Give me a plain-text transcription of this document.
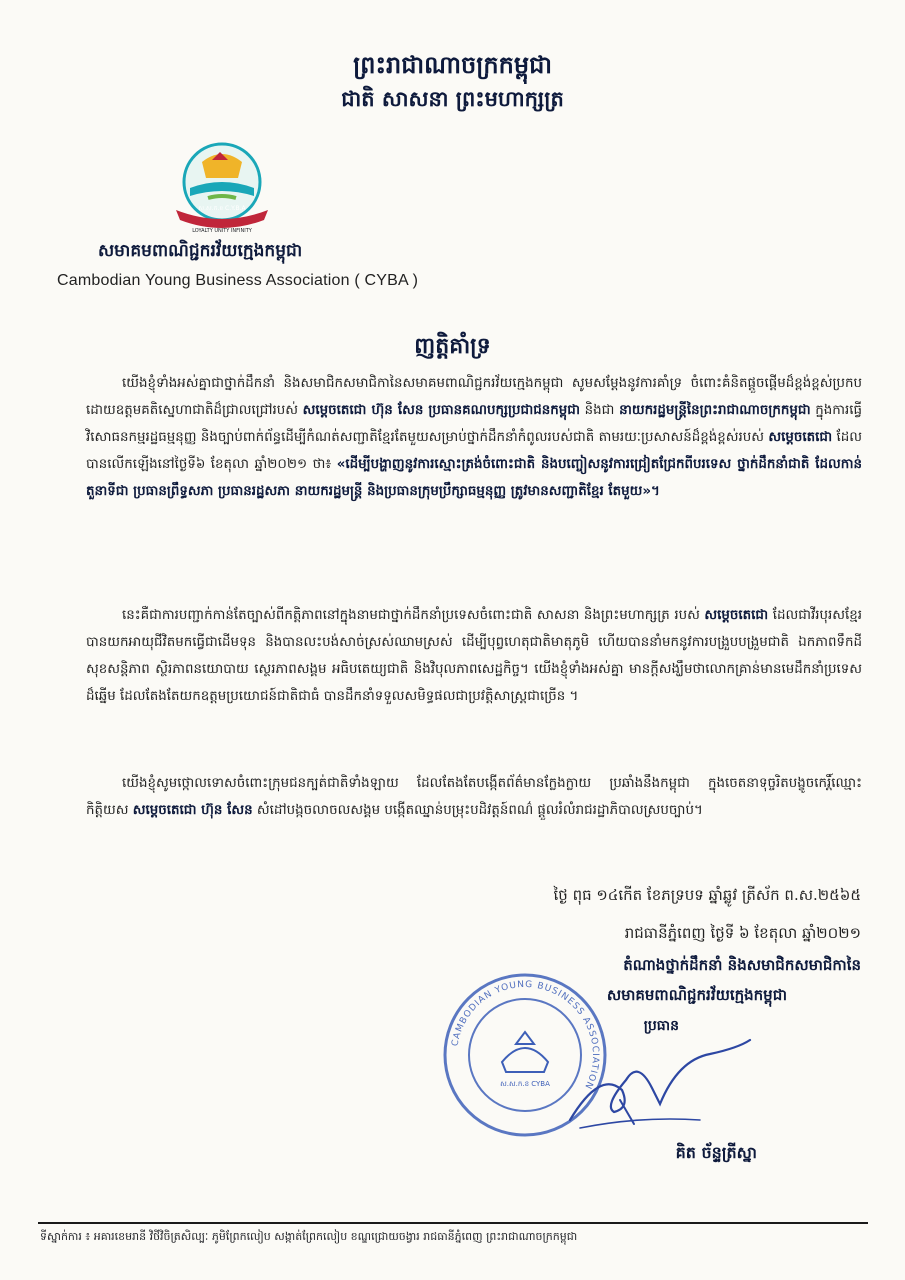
ព្រះរាជាណាចក្រកម្ពុជា
ជាតិ សាសនា ព្រះមហាក្សត្រ
ស.ស.ក.ខ C.Y.B.A
LOYALTY UNITY INFINITY
សមាគមពាណិជ្ជករវ័យក្មេងកម្ពុជា
Cambodian Young Business Association ( CYBA )
ញត្តិគាំទ្រ
យើងខ្ញុំទាំងអស់គ្នាជាថ្នាក់ដឹកនាំ និងសមាជិកសមាជិកានៃសមាគមពាណិជ្ជករវ័យក្មេងកម្ពុជា សូមសម្ដែងនូវការគាំទ្រ ចំពោះគំនិតផ្ដួចផ្ដើមដ៏ខ្ពង់ខ្ពស់ប្រកបដោយឧត្តមគតិស្នេហាជាតិដ៏ជ្រាលជ្រៅរបស់ សម្តេចតេជោ ហ៊ុន សែន ប្រធានគណបក្សប្រជាជនកម្ពុជា និងជា នាយករដ្ឋមន្ត្រីនៃព្រះរាជាណាចក្រកម្ពុជា ក្នុងការធ្វើវិសោធនកម្មរដ្ឋធម្មនុញ្ញ និងច្បាប់ពាក់ព័ន្ធដើម្បីកំណត់សញ្ជាតិខ្មែរតែមួយសម្រាប់ថ្នាក់ដឹកនាំកំពូលរបស់ជាតិ តាមរយៈប្រសាសន៍ដ៏ខ្ពង់ខ្ពស់របស់ សម្តេចតេជោ ដែលបានលើកឡើងនៅថ្ងៃទី៦ ខែតុលា ឆ្នាំ២០២១ ថា៖ «ដើម្បីបង្ហាញនូវការស្មោះត្រង់ចំពោះជាតិ និងបញ្ចៀសនូវការជ្រៀតជ្រែកពីបរទេស ថ្នាក់ដឹកនាំជាតិ ដែលកាន់តួនាទីជា ប្រធានព្រឹទ្ធសភា ប្រធានរដ្ឋសភា នាយករដ្ឋមន្ត្រី និងប្រធានក្រុមប្រឹក្សាធម្មនុញ្ញ ត្រូវមានសញ្ជាតិខ្មែរ តែមួយ»។
នេះគឺជាការបញ្ជាក់កាន់តែច្បាស់ពីកត្តិភាពនៅក្នុងនាមជាថ្នាក់ដឹកនាំប្រទេសចំពោះជាតិ សាសនា និងព្រះមហាក្សត្រ របស់ សម្តេចតេជោ ដែលជាវីរបុរសខ្មែរ បានយកអាយុជីវិតមកធ្វើជាដើមទុន និងបានលះបង់សាច់ស្រស់ឈាមស្រស់ ដើម្បីបុព្វហេតុជាតិមាតុភូមិ ហើយបាននាំមកនូវការបង្រួបបង្រួមជាតិ ឯកភាពទឹកដី សុខសន្តិភាព ស្ថិរភាពនយោបាយ ស្ថេរភាពសង្គម អធិបតេយ្យជាតិ និងវិបុលភាពសេដ្ឋកិច្ច។ យើងខ្ញុំទាំងអស់គ្នា មានក្តីសង្ឃឹមថាលោកគ្រាន់មានមេដឹកនាំប្រទេសដ៏ឆ្នើម ដែលតែងតែយកឧត្តមប្រយោជន៍ជាតិជាធំ បានដឹកនាំទទួលសមិទ្ធផលជាប្រវត្តិសាស្ត្រជាច្រើន ។
យើងខ្ញុំសូមថ្កោលទោសចំពោះក្រុមជនក្បត់ជាតិទាំងឡាយ ដែលតែងតែបង្កើតព័ត៌មានក្លែងក្លាយ ប្រឆាំងនឹងកម្ពុជា ក្នុងចេតនាទុច្ចរិតបង្ខូចកេរ្តិ៍ឈ្មោះ កិត្តិយស សម្តេចតេជោ ហ៊ុន សែន សំដៅបង្កចលាចលសង្គម បង្កើតឈ្នាន់បម្រុះបដិវត្តន៍ពណ៌ ផ្ដួលរំលំរាជរដ្ឋាភិបាលស្របច្បាប់។
ថ្ងៃ ពុធ ១៤កើត ខែភទ្របទ ឆ្នាំឆ្លូវ ត្រីស័ក ព.ស.២៥៦៥
រាជធានីភ្នំពេញ ថ្ងៃទី ៦ ខែតុលា ឆ្នាំ២០២១
តំណាងថ្នាក់ដឹកនាំ និងសមាជិកសមាជិកានៃ
សមាគមពាណិជ្ជករវ័យក្មេងកម្ពុជា
ប្រធាន
CAMBODIAN YOUNG BUSINESS ASSOCIATION
ស.ស.ក.ខ CYBA
គិត ច័ន្ទត្រីស្នា
ទីស្នាក់ការ ៖ អគារខេមរានី វិថីវិចិត្រសិល្បៈ ភូមិព្រែកលៀប សង្កាត់ព្រែកលៀប ខណ្ឌជ្រោយចង្វារ រាជធានីភ្នំពេញ ព្រះរាជាណាចក្រកម្ពុជា
